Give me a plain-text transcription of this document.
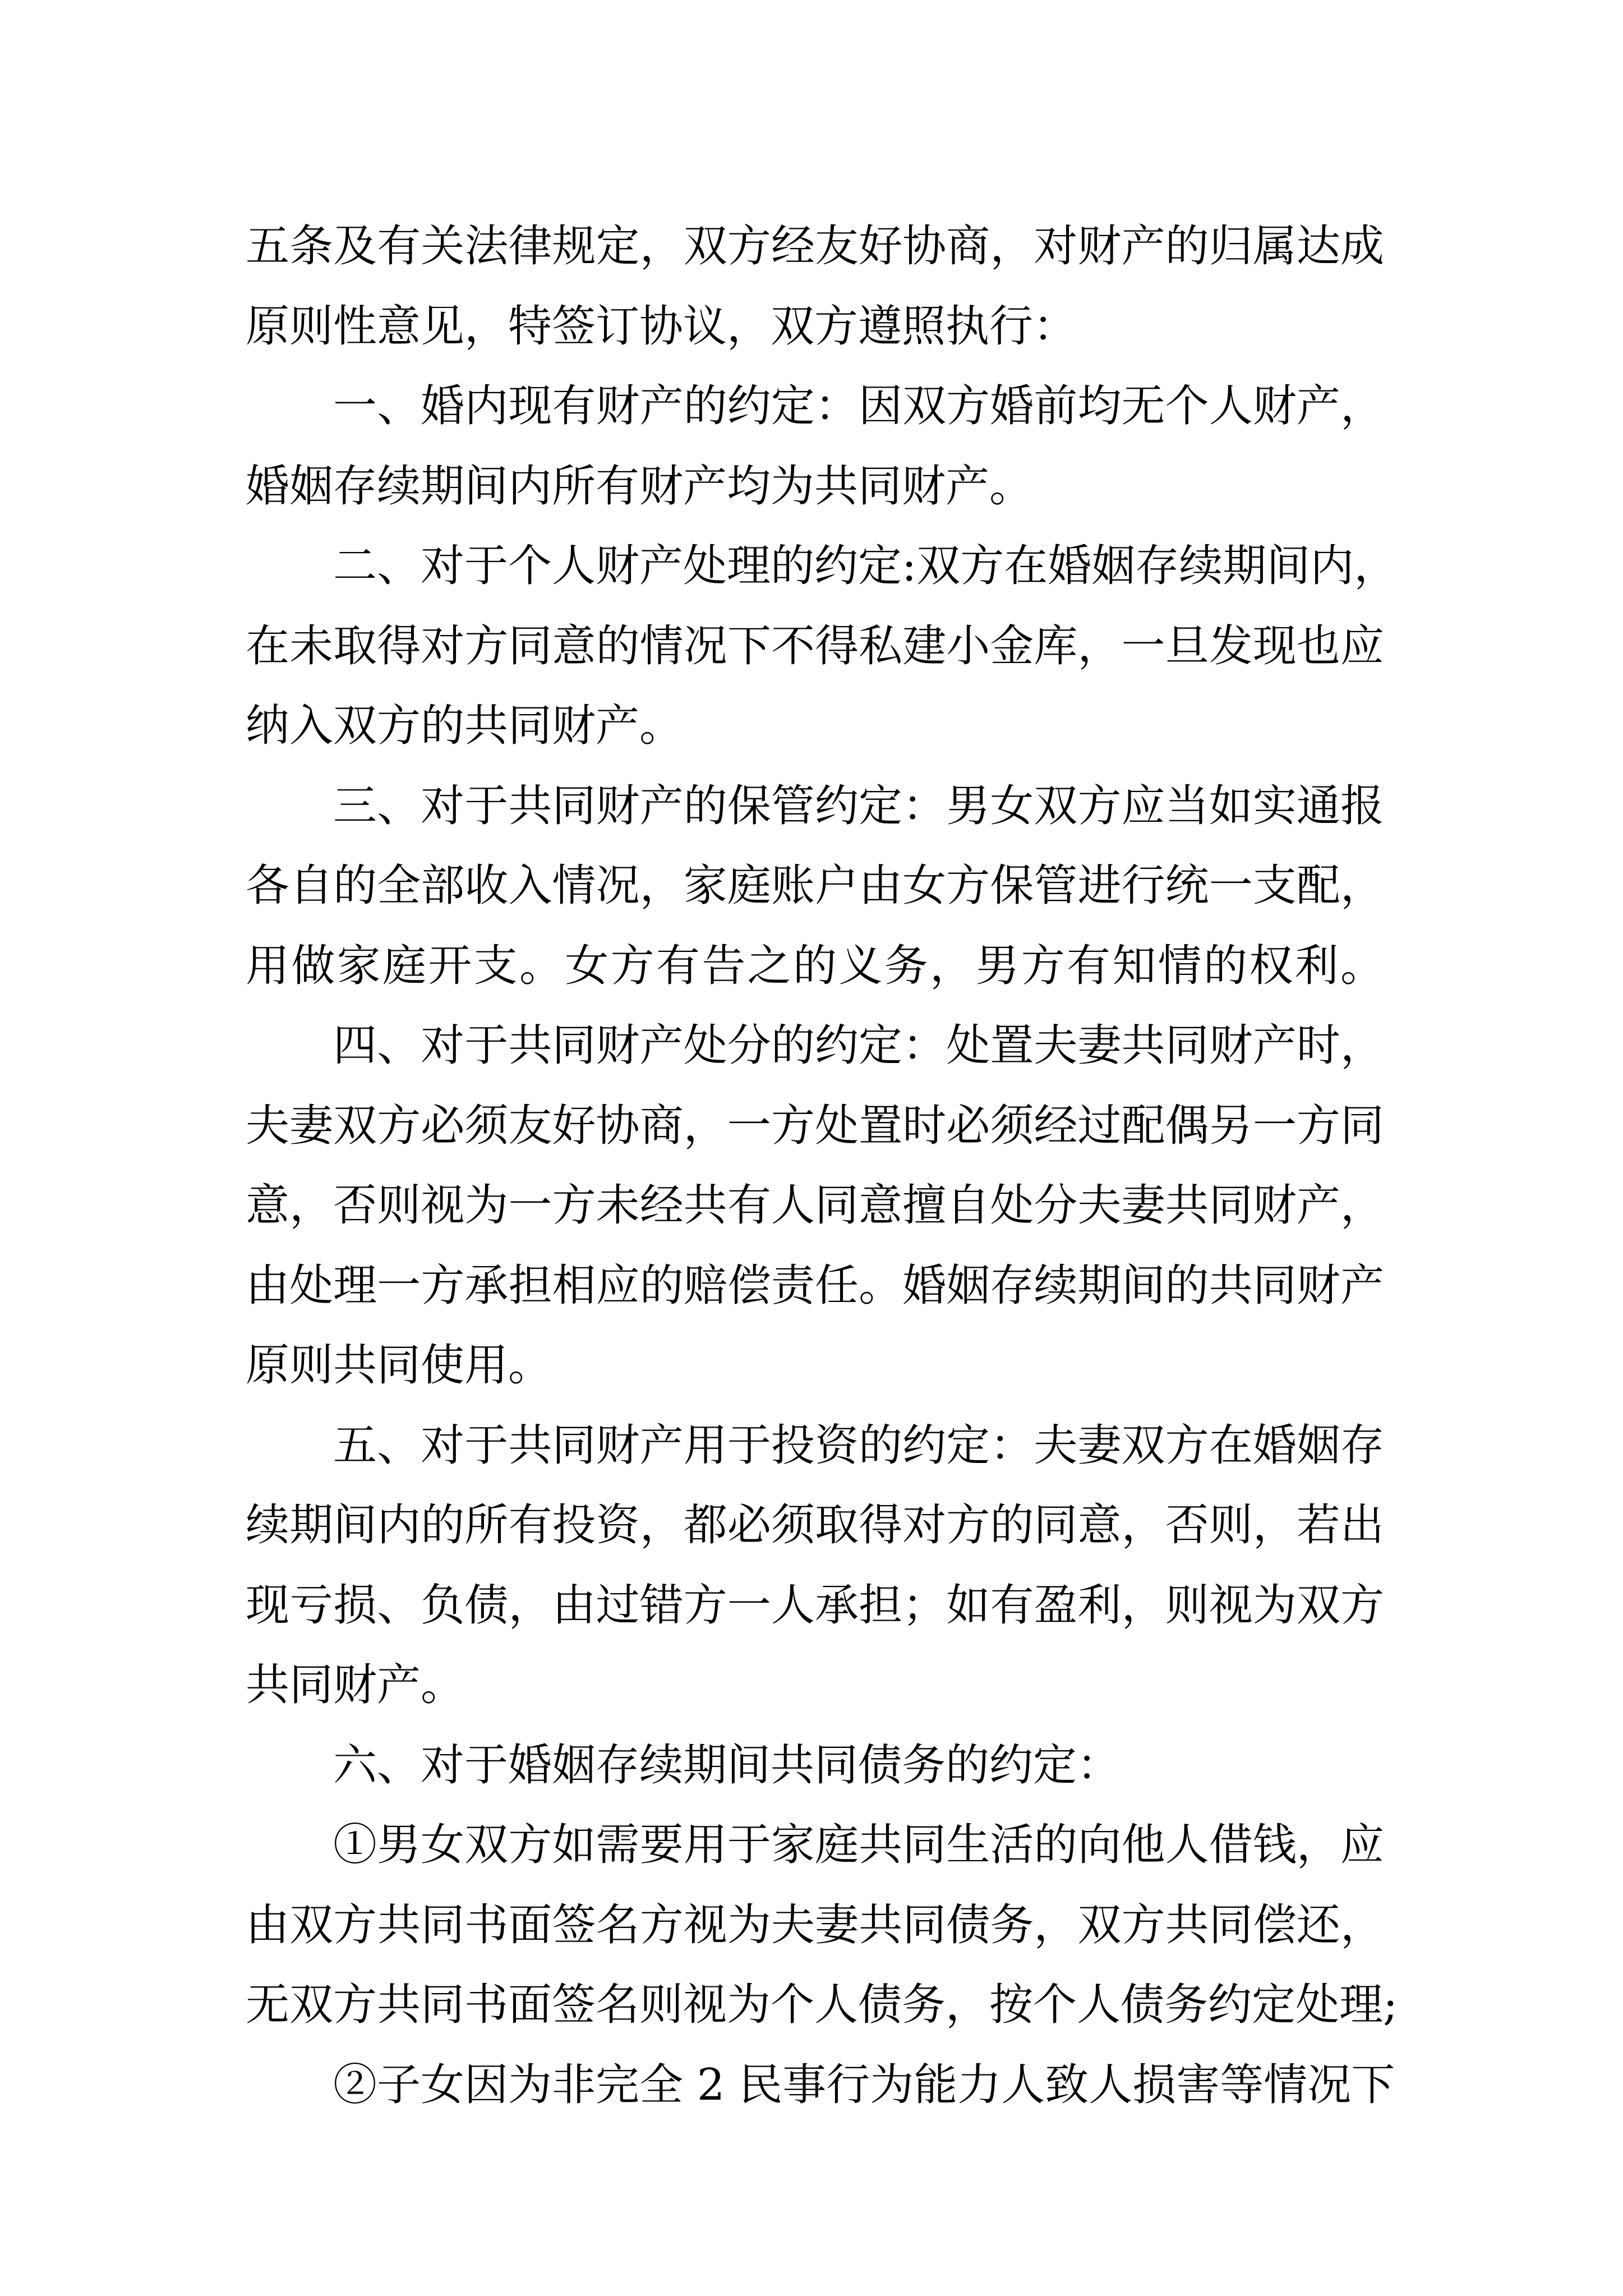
五条及有关法律规定，双方经友好协商，对财产的归属达成
原则性意见，特签订协议，双方遵照执行：
一、婚内现有财产的约定：因双方婚前均无个人财产，
婚姻存续期间内所有财产均为共同财产。
二、对于个人财产处理的约定:双方在婚姻存续期间内，
在未取得对方同意的情况下不得私建小金库，一旦发现也应
纳入双方的共同财产。
三、对于共同财产的保管约定：男女双方应当如实通报
各自的全部收入情况，家庭账户由女方保管进行统一支配，
用做家庭开支。女方有告之的义务，男方有知情的权利。
四、对于共同财产处分的约定：处置夫妻共同财产时，
夫妻双方必须友好协商，一方处置时必须经过配偶另一方同
意，否则视为一方未经共有人同意擅自处分夫妻共同财产，
由处理一方承担相应的赔偿责任。婚姻存续期间的共同财产
原则共同使用。
五、对于共同财产用于投资的约定：夫妻双方在婚姻存
续期间内的所有投资，都必须取得对方的同意，否则，若出
现亏损、负债，由过错方一人承担；如有盈利，则视为双方
共同财产。
六、对于婚姻存续期间共同债务的约定：
①男女双方如需要用于家庭共同生活的向他人借钱，应
由双方共同书面签名方视为夫妻共同债务，双方共同偿还，
无双方共同书面签名则视为个人债务，按个人债务约定处理;
②子女因为非完全 2 民事行为能力人致人损害等情况下
